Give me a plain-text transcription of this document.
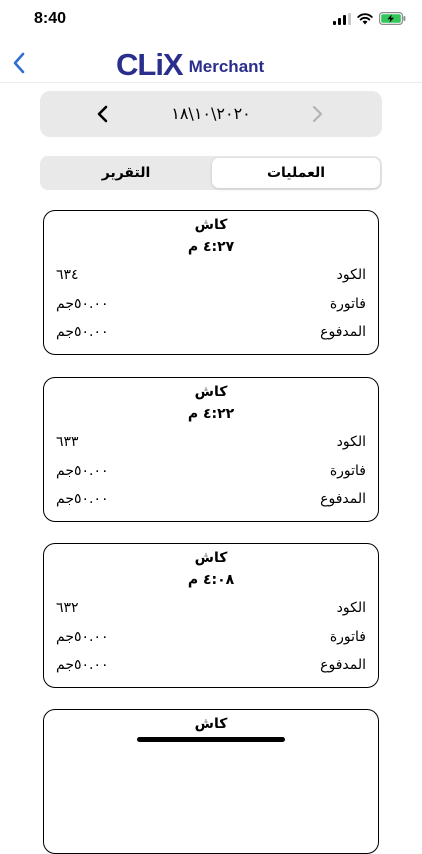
8:40
CLiX Merchant
٢٠٢٠\١٠\١٨
التقرير	العمليات
كاش
٤:٢٧ م
الكود
٦٣٤
فاتورة
٥٠.٠٠جم
المدفوع
٥٠.٠٠جم
كاش
٤:٢٢ م
الكود
٦٣٣
فاتورة
٥٠.٠٠جم
المدفوع
٥٠.٠٠جم
كاش
٤:٠٨ م
الكود
٦٣٢
فاتورة
٥٠.٠٠جم
المدفوع
٥٠.٠٠جم
كاش
